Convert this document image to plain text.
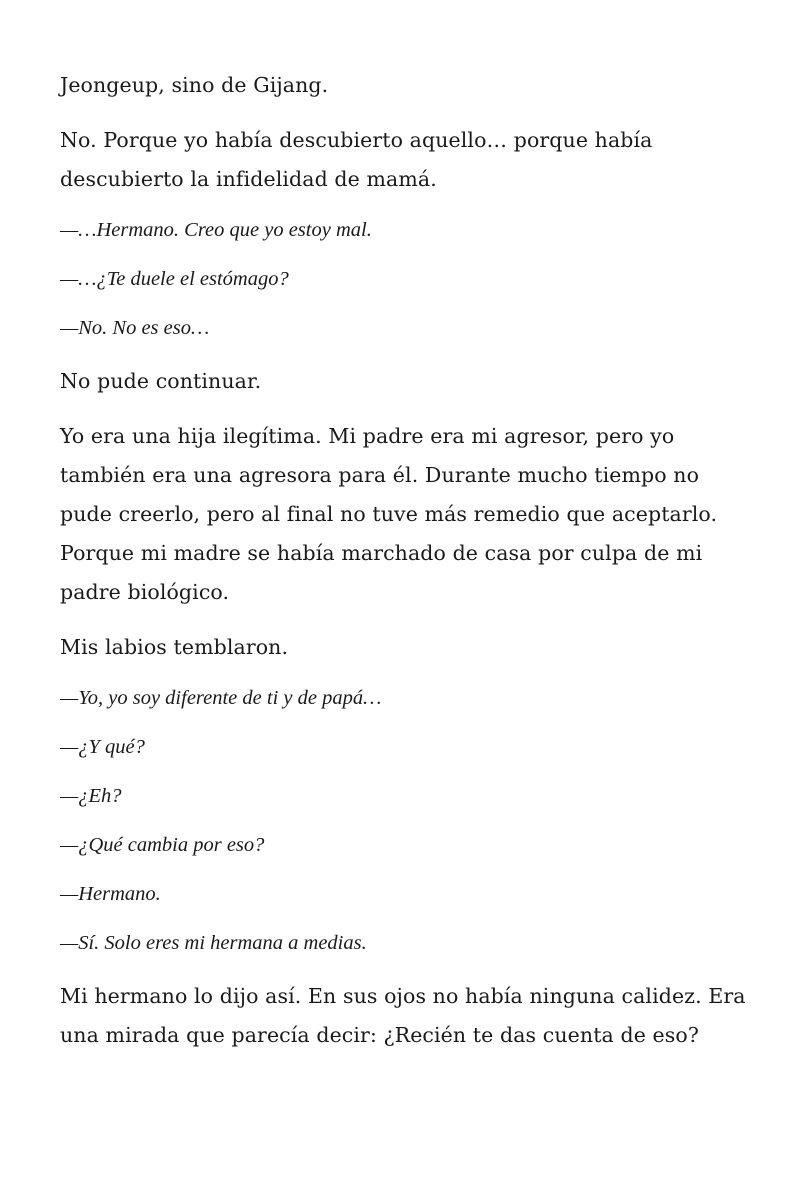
Jeongeup, sino de Gijang.

No. Porque yo había descubierto aquello… porque había descubierto la infidelidad de mamá.

—…Hermano. Creo que yo estoy mal.

—…¿Te duele el estómago?

—No. No es eso…

No pude continuar.

Yo era una hija ilegítima. Mi padre era mi agresor, pero yo también era una agresora para él. Durante mucho tiempo no pude creerlo, pero al final no tuve más remedio que aceptarlo. Porque mi madre se había marchado de casa por culpa de mi padre biológico.

Mis labios temblaron.

—Yo, yo soy diferente de ti y de papá…

—¿Y qué?

—¿Eh?

—¿Qué cambia por eso?

—Hermano.

—Sí. Solo eres mi hermana a medias.

Mi hermano lo dijo así. En sus ojos no había ninguna calidez. Era una mirada que parecía decir: ¿Recién te das cuenta de eso?
